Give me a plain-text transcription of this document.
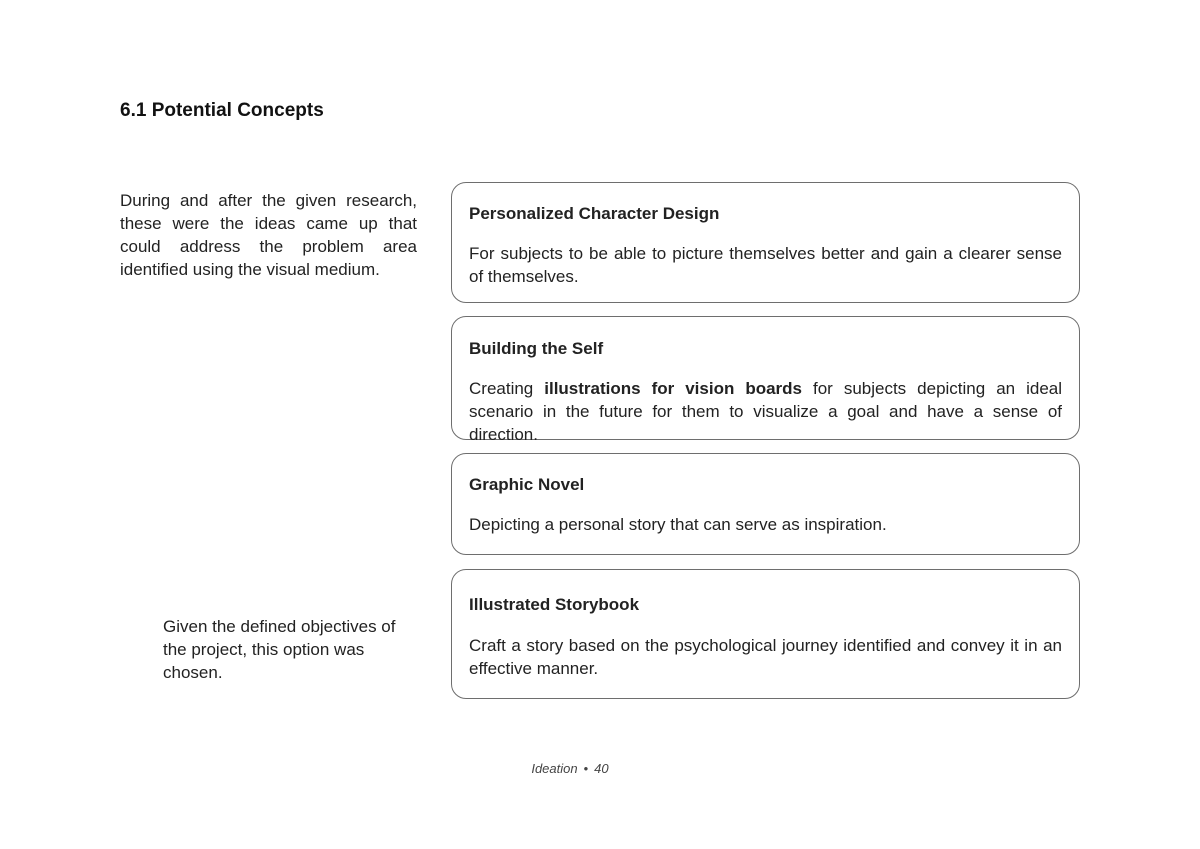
6.1 Potential Concepts

During and after the given research, these were the ideas came up that could address the problem area identified using the visual medium.

Personalized Character Design

For subjects to be able to picture themselves better and gain a clearer sense of themselves.

Building the Self

Creating illustrations for vision boards for subjects depicting an ideal scenario in the future for them to visualize a goal and have a sense of direction.

Graphic Novel

Depicting a personal story that can serve as inspiration.

Illustrated Storybook

Craft a story based on the psychological journey identified and convey it in an effective manner.

Given the defined objectives of the project, this option was chosen.

Ideation • 40
